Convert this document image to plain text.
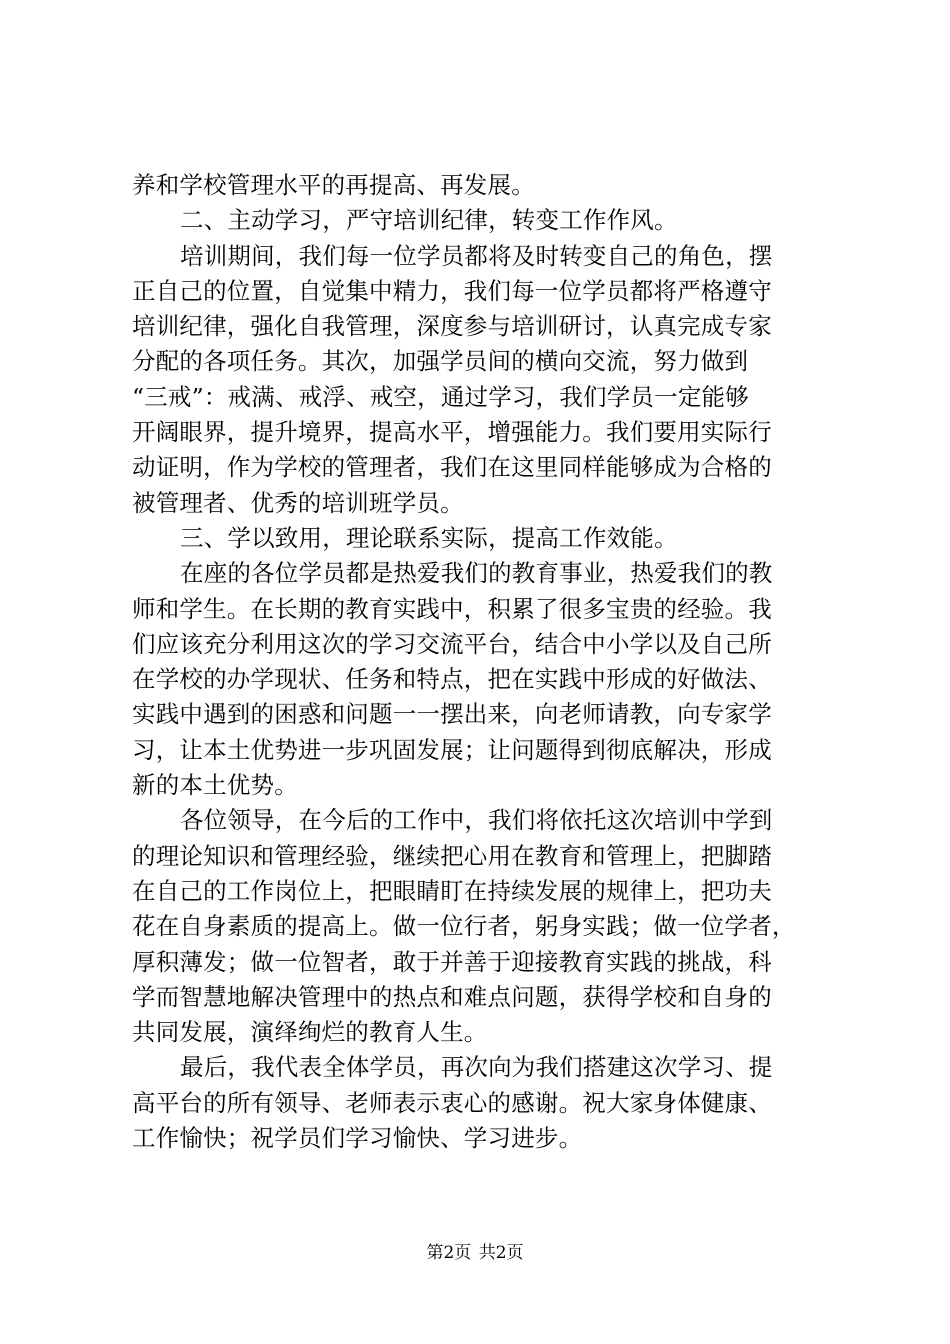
养和学校管理水平的再提高、再发展。
二、主动学习，严守培训纪律，转变工作作风。
培训期间，我们每一位学员都将及时转变自己的角色，摆
正自己的位置，自觉集中精力，我们每一位学员都将严格遵守
培训纪律，强化自我管理，深度参与培训研讨，认真完成专家
分配的各项任务。其次，加强学员间的横向交流，努力做到
“三戒”：戒满、戒浮、戒空，通过学习，我们学员一定能够
开阔眼界，提升境界，提高水平，增强能力。我们要用实际行
动证明，作为学校的管理者，我们在这里同样能够成为合格的
被管理者、优秀的培训班学员。
三、学以致用，理论联系实际，提高工作效能。
在座的各位学员都是热爱我们的教育事业，热爱我们的教
师和学生。在长期的教育实践中，积累了很多宝贵的经验。我
们应该充分利用这次的学习交流平台，结合中小学以及自己所
在学校的办学现状、任务和特点，把在实践中形成的好做法、
实践中遇到的困惑和问题一一摆出来，向老师请教，向专家学
习，让本土优势进一步巩固发展；让问题得到彻底解决，形成
新的本土优势。
各位领导，在今后的工作中，我们将依托这次培训中学到
的理论知识和管理经验，继续把心用在教育和管理上，把脚踏
在自己的工作岗位上，把眼睛盯在持续发展的规律上，把功夫
花在自身素质的提高上。做一位行者，躬身实践；做一位学者，
厚积薄发；做一位智者，敢于并善于迎接教育实践的挑战，科
学而智慧地解决管理中的热点和难点问题，获得学校和自身的
共同发展，演绎绚烂的教育人生。
最后，我代表全体学员，再次向为我们搭建这次学习、提
高平台的所有领导、老师表示衷心的感谢。祝大家身体健康、
工作愉快；祝学员们学习愉快、学习进步。
第2页 共2页
